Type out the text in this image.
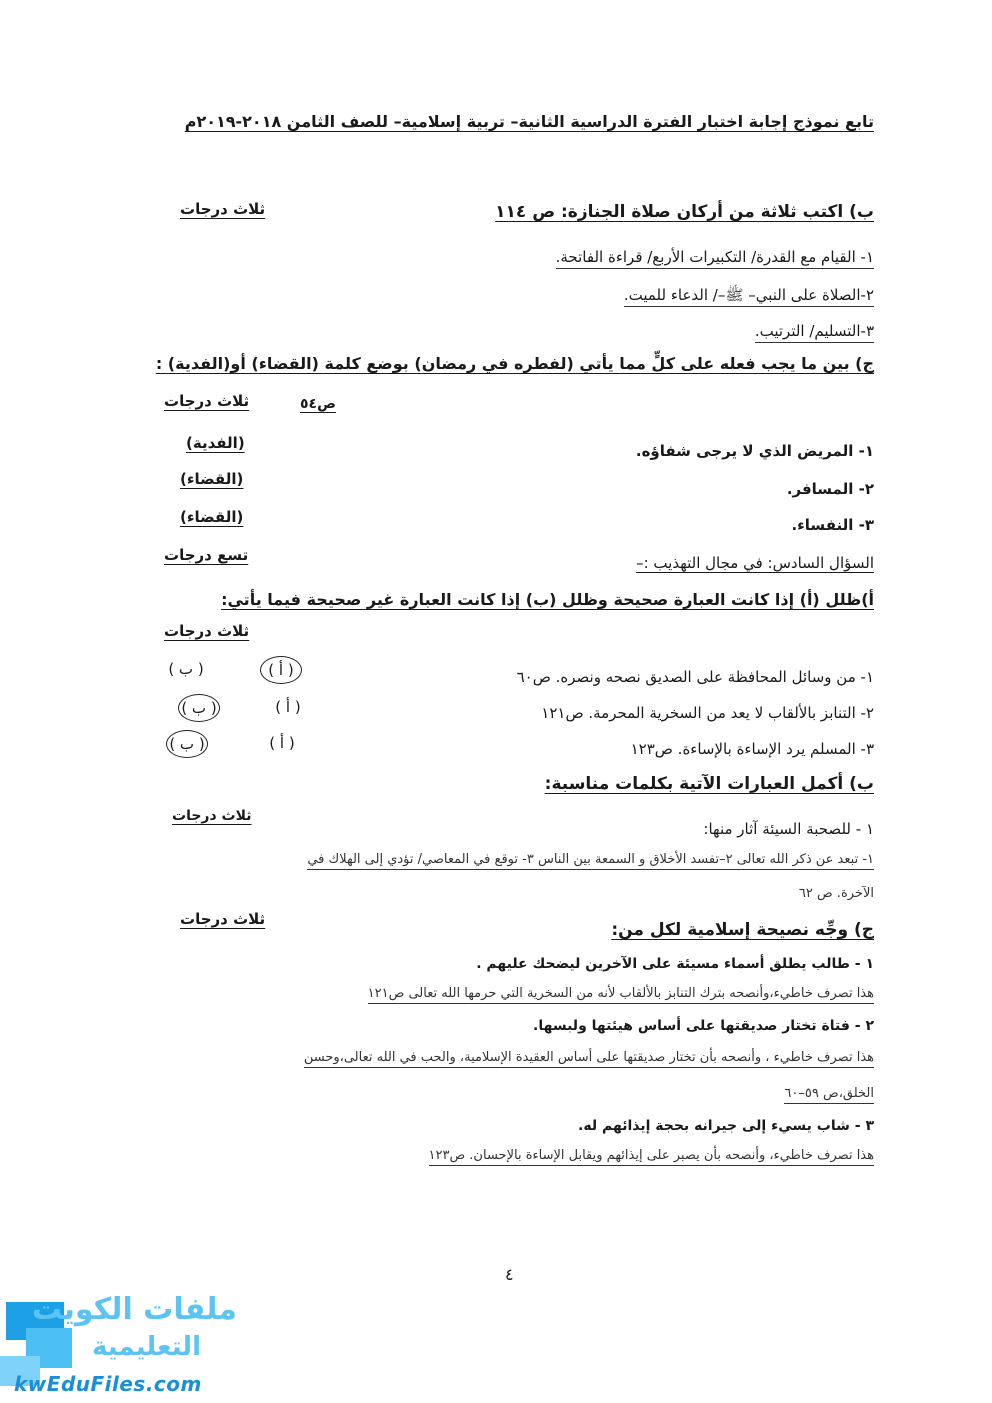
تابع نموذج إجابة اختبار الفترة الدراسية الثانية– تربية إسلامية– للصف الثامن ٢٠١٨-٢٠١٩م
ب) اكتب ثلاثة من أركان صلاة الجنازة: ص ١١٤
ثلاث درجات
١- القيام مع القدرة/ التكبيرات الأربع/ قراءة الفاتحة.
٢-الصلاة على النبي– ﷺ–/ الدعاء للميت.
٣-التسليم/ الترتيب.
ج) بين ما يجب فعله على كلٍّ مما يأتي (لفطره في رمضان) بوضع كلمة (القضاء) أو(الفدية) :
ص٥٤
ثلاث درجات
١- المريض الذي لا يرجى شفاؤه.
(الفدية)
٢- المسافر.
(القضاء)
٣- النفساء.
(القضاء)
السؤال السادس: في مجال التهذيب :–
تسع درجات
أ)ظلل (أ) إذا كانت العبارة صحيحة وظلل (ب) إذا كانت العبارة غير صحيحة فيما يأتي:
ثلاث درجات
١- من وسائل المحافظة على الصديق نصحه ونصره. ص٦٠
( أ )
( ب )
٢- التنابز بالألقاب لا يعد من السخرية المحرمة. ص١٢١
( أ )
( ب )
٣- المسلم يرد الإساءة بالإساءة. ص١٢٣
( أ )
( ب )
ب) أكمل العبارات الآتية بكلمات مناسبة:
ثلاث درجات
١ - للصحبة السيئة آثار منها:
١- تبعد عن ذكر الله تعالى ٢–تفسد الأخلاق و السمعة بين الناس ٣- توقع في المعاصي/ تؤدي إلى الهلاك في
الآخرة. ص ٦٢
ج) وجِّه نصيحة إسلامية لكل من:
ثلاث درجات
١ - طالب يطلق أسماء مسيئة على الآخرين ليضحك عليهم .
هذا تصرف خاطيء،وأنصحه بترك التنابز بالألقاب لأنه من السخرية التي حرمها الله تعالى ص١٢١
٢ - فتاة تختار صديقتها على أساس هيئتها ولبسها.
هذا تصرف خاطيء ، وأنصحه بأن تختار صديقتها على أساس العقيدة الإسلامية، والحب في الله تعالى،وحسن
الخلق،ص ٥٩–٦٠
٣ - شاب يسيء إلى جيرانه بحجة إيذائهم له.
هذا تصرف خاطيء، وأنصحه بأن يصبر على إيذائهم ويقابل الإساءة بالإحسان. ص١٢٣
٤
ملفات الكويت
التعليمية
kwEduFiles.com
